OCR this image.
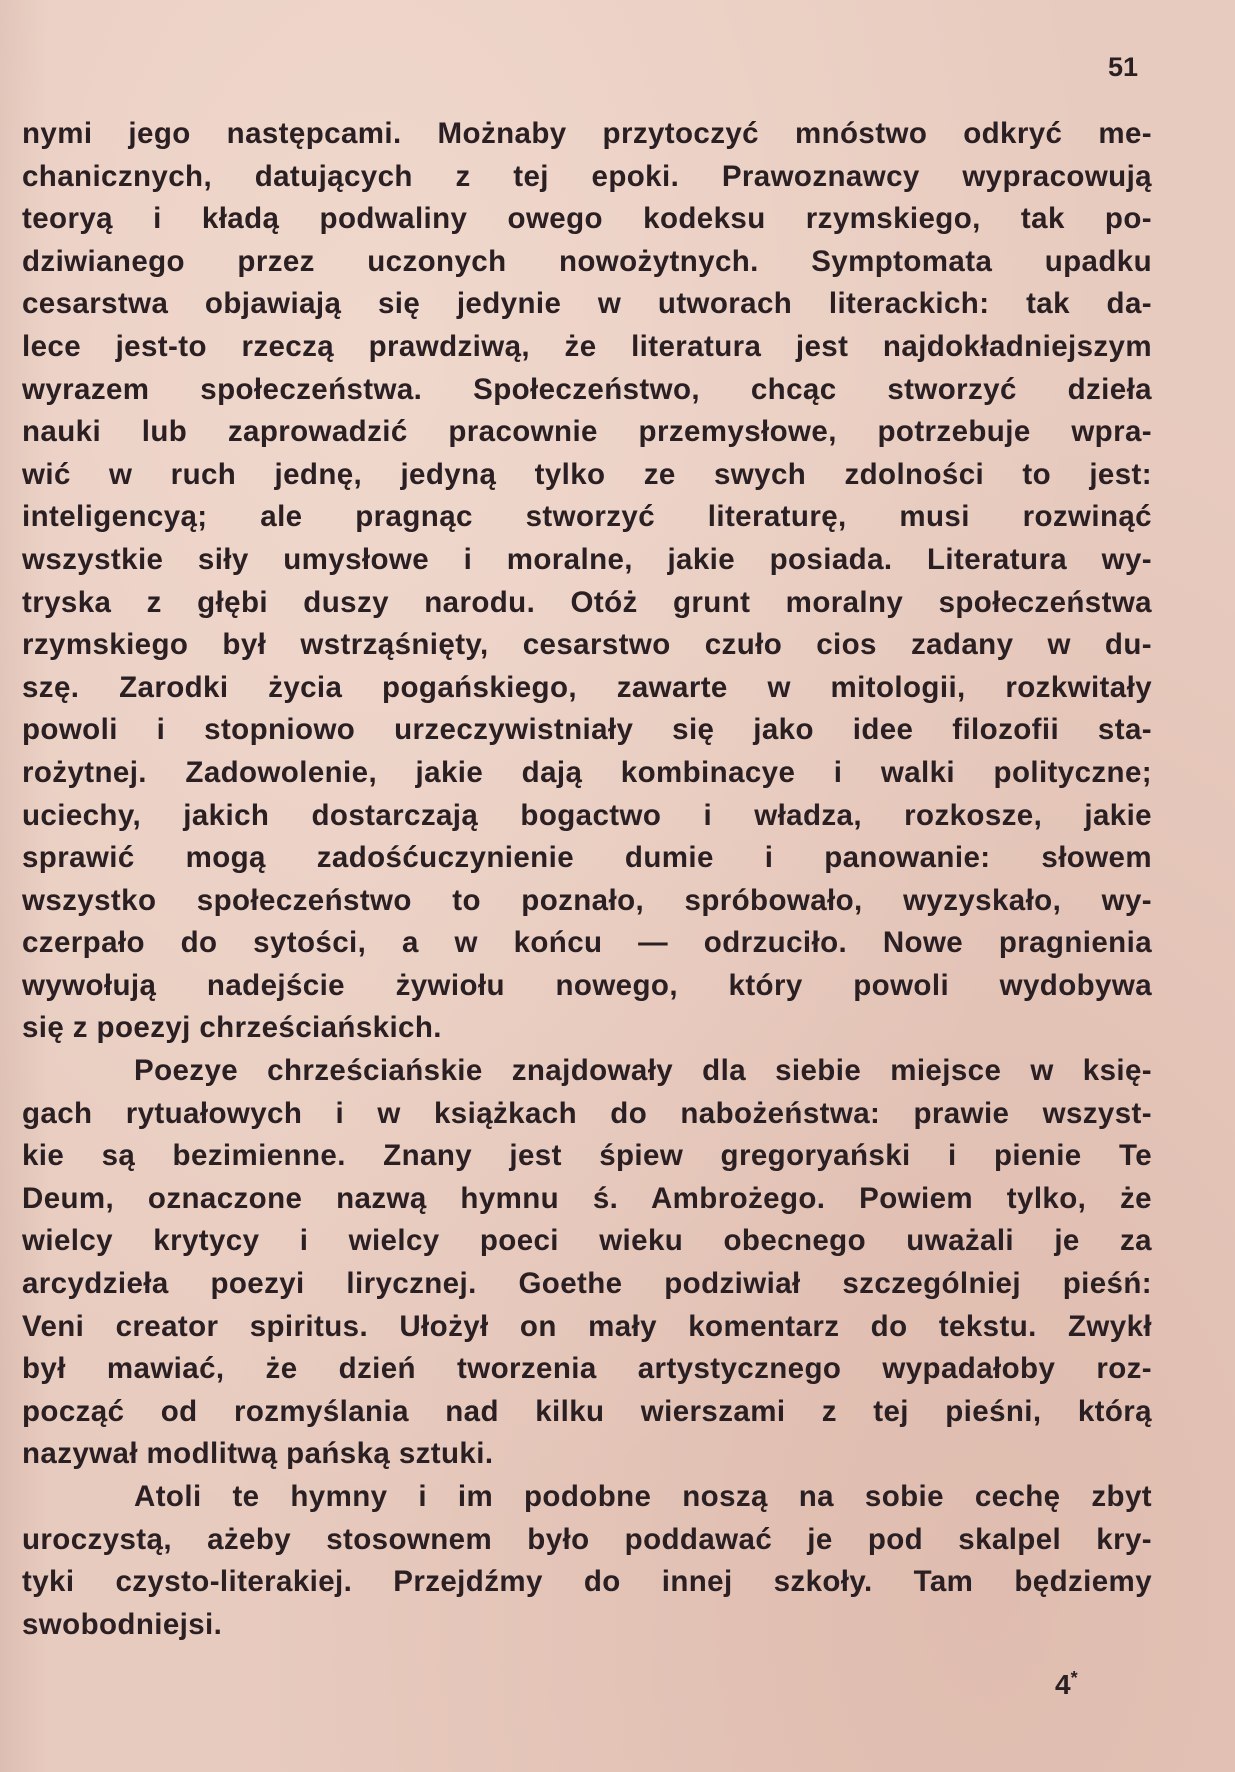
51
nymi jego następcami. Możnaby przytoczyć mnóstwo odkryć me-
chanicznych, datujących z tej epoki. Prawoznawcy wypracowują
teoryą i kładą podwaliny owego kodeksu rzymskiego, tak po-
dziwianego przez uczonych nowożytnych. Symptomata upadku
cesarstwa objawiają się jedynie w utworach literackich: tak da-
lece jest-to rzeczą prawdziwą, że literatura jest najdokładniejszym
wyrazem społeczeństwa. Społeczeństwo, chcąc stworzyć dzieła
nauki lub zaprowadzić pracownie przemysłowe, potrzebuje wpra-
wić w ruch jednę, jedyną tylko ze swych zdolności to jest:
inteligencyą; ale pragnąc stworzyć literaturę, musi rozwinąć
wszystkie siły umysłowe i moralne, jakie posiada. Literatura wy-
tryska z głębi duszy narodu. Otóż grunt moralny społeczeństwa
rzymskiego był wstrząśnięty, cesarstwo czuło cios zadany w du-
szę. Zarodki życia pogańskiego, zawarte w mitologii, rozkwitały
powoli i stopniowo urzeczywistniały się jako idee filozofii sta-
rożytnej. Zadowolenie, jakie dają kombinacye i walki polityczne;
uciechy, jakich dostarczają bogactwo i władza, rozkosze, jakie
sprawić mogą zadośćuczynienie dumie i panowanie: słowem
wszystko społeczeństwo to poznało, spróbowało, wyzyskało, wy-
czerpało do sytości, a w końcu — odrzuciło. Nowe pragnienia
wywołują nadejście żywiołu nowego, który powoli wydobywa
się z poezyj chrześciańskich.
Poezye chrześciańskie znajdowały dla siebie miejsce w księ-
gach rytuałowych i w książkach do nabożeństwa: prawie wszyst-
kie są bezimienne. Znany jest śpiew gregoryański i pienie Te
Deum, oznaczone nazwą hymnu ś. Ambrożego. Powiem tylko, że
wielcy krytycy i wielcy poeci wieku obecnego uważali je za
arcydzieła poezyi lirycznej. Goethe podziwiał szczególniej pieśń:
Veni creator spiritus. Ułożył on mały komentarz do tekstu. Zwykł
był mawiać, że dzień tworzenia artystycznego wypadałoby roz-
począć od rozmyślania nad kilku wierszami z tej pieśni, którą
nazywał modlitwą pańską sztuki.
Atoli te hymny i im podobne noszą na sobie cechę zbyt
uroczystą, ażeby stosownem było poddawać je pod skalpel kry-
tyki czysto-literakiej. Przejdźmy do innej szkoły. Tam będziemy
swobodniejsi.
4*
